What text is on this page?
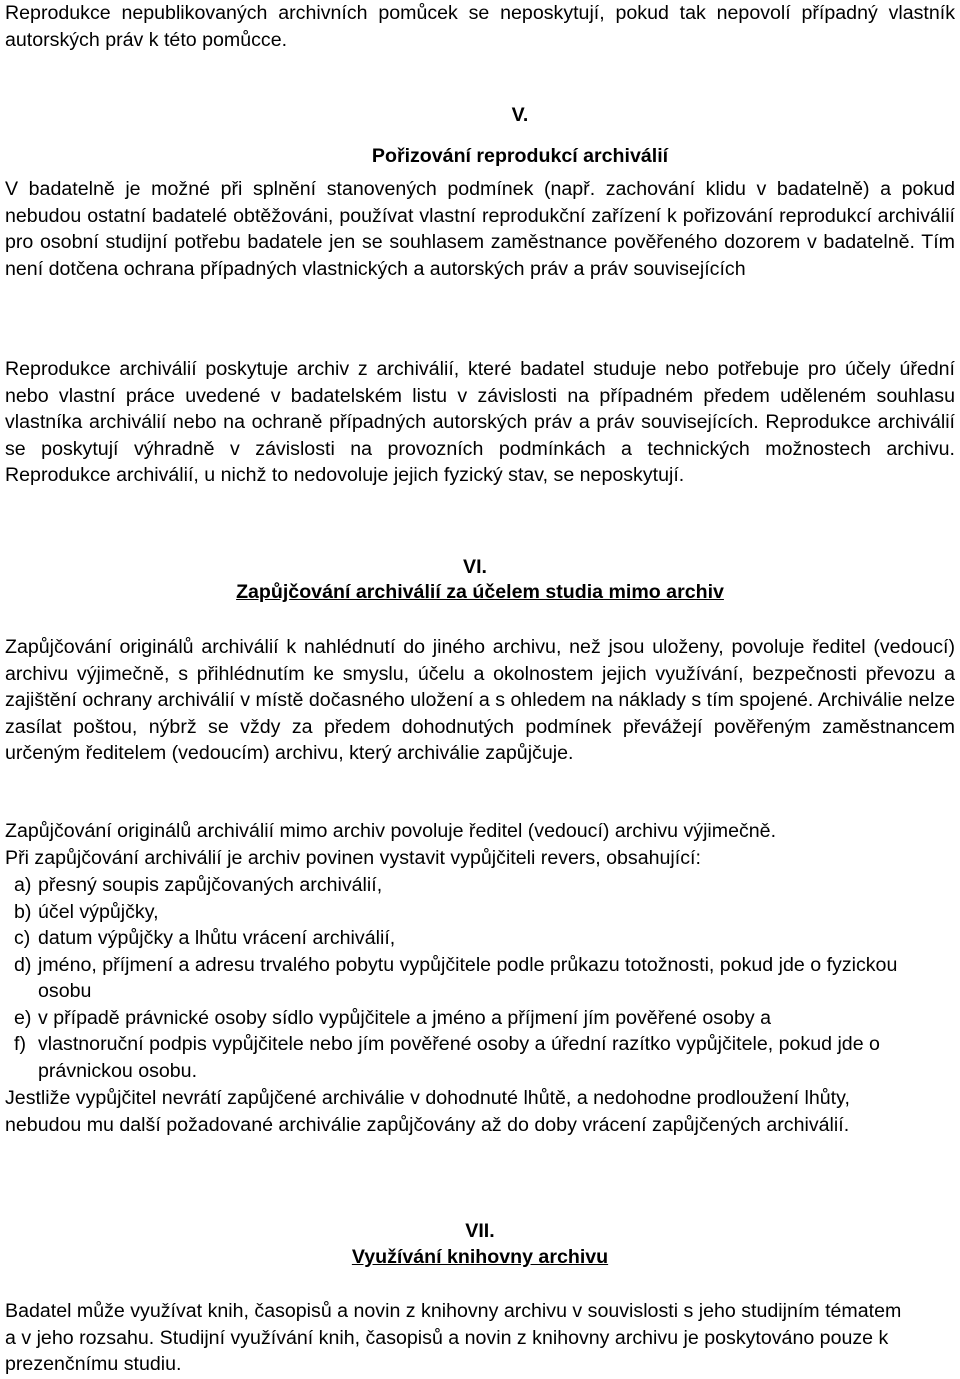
Reprodukce nepublikovaných archivních pomůcek se neposkytují, pokud tak nepovolí případný vlastník autorských práv k této pomůcce.

V.

Pořizování reprodukcí archiválií

V badatelně je možné při splnění stanovených podmínek (např. zachování klidu v badatelně) a pokud nebudou ostatní badatelé obtěžováni, používat vlastní reprodukční zařízení k pořizování reprodukcí archiválií pro osobní studijní potřebu badatele jen se souhlasem zaměstnance pověřeného dozorem v badatelně. Tím není dotčena ochrana případných vlastnických a autorských práv a práv souvisejících

Reprodukce archiválií poskytuje archiv z archiválií, které badatel studuje nebo potřebuje pro účely úřední nebo vlastní práce uvedené v badatelském listu v závislosti na případném předem uděleném souhlasu vlastníka archiválií nebo na ochraně případných autorských práv a práv souvisejících. Reprodukce archiválií se poskytují výhradně v závislosti na provozních podmínkách a technických možnostech archivu. Reprodukce archiválií, u nichž to nedovoluje jejich fyzický stav, se neposkytují.

VI.

Zapůjčování archiválií za účelem studia mimo archiv

Zapůjčování originálů archiválií k nahlédnutí do jiného archivu, než jsou uloženy, povoluje ředitel (vedoucí) archivu výjimečně, s přihlédnutím ke smyslu, účelu a okolnostem jejich využívání, bezpečnosti převozu a zajištění ochrany archiválií v místě dočasného uložení a s ohledem na náklady s tím spojené. Archiválie nelze zasílat poštou, nýbrž se vždy za předem dohodnutých podmínek převážejí pověřeným zaměstnancem určeným ředitelem (vedoucím) archivu, který archiválie zapůjčuje.

Zapůjčování originálů archiválií mimo archiv povoluje ředitel (vedoucí) archivu výjimečně.

Při zapůjčování archiválií je archiv povinen vystavit vypůjčiteli revers, obsahující:

a) přesný soupis zapůjčovaných archiválií,
b) účel výpůjčky,
c) datum výpůjčky a lhůtu vrácení archiválií,
d) jméno, příjmení a adresu trvalého pobytu vypůjčitele podle průkazu totožnosti, pokud jde o fyzickou osobu
e) v případě právnické osoby sídlo vypůjčitele a jméno a příjmení jím pověřené osoby a
f) vlastnoruční podpis vypůjčitele nebo jím pověřené osoby a úřední razítko vypůjčitele, pokud jde o právnickou osobu.

Jestliže vypůjčitel nevrátí zapůjčené archiválie v dohodnuté lhůtě, a nedohodne prodloužení lhůty, nebudou mu další požadované archiválie zapůjčovány až do doby vrácení zapůjčených archiválií.

VII.

Využívání knihovny archivu

Badatel může využívat knih, časopisů a novin z knihovny archivu v souvislosti s jeho studijním tématem a v jeho rozsahu. Studijní využívání knih, časopisů a novin z knihovny archivu je poskytováno pouze k prezenčnímu studiu.
